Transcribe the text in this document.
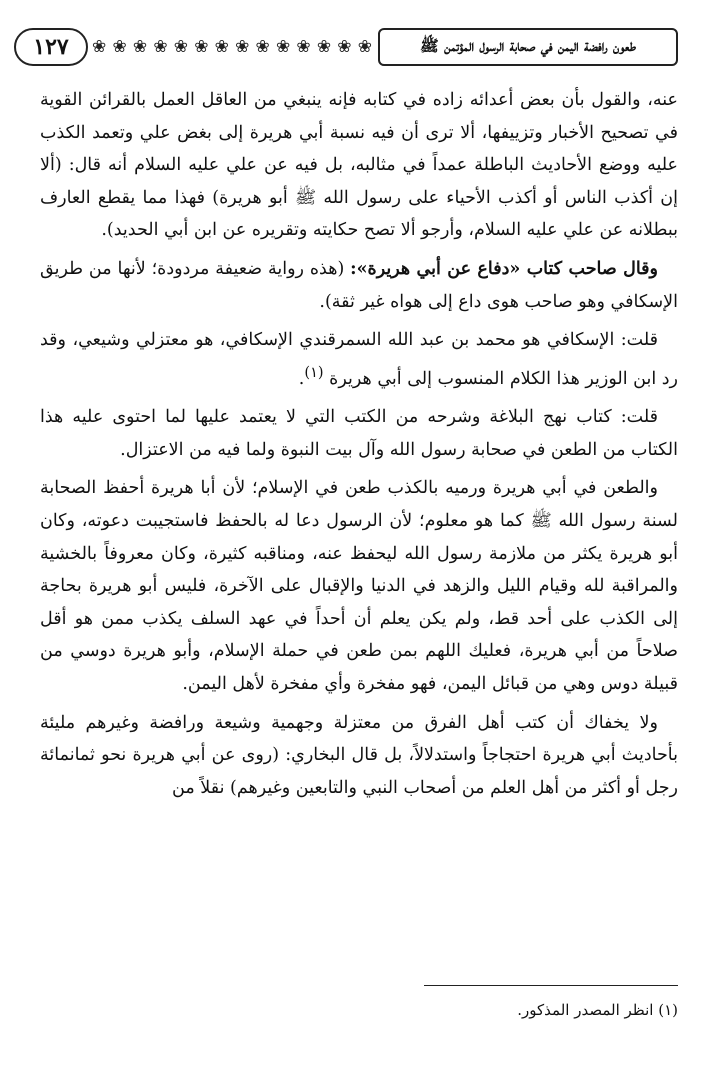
١٢٧	❀ ❀ ❀ ❀ ❀ ❀ ❀ ❀ ❀ ❀ ❀ ❀ ❀ ❀	طعون رافضة اليمن في صحابة الرسول المؤتمن ﷺ

عنه، والقول بأن بعض أعدائه زاده في كتابه فإنه ينبغي من العاقل العمل بالقرائن القوية في تصحيح الأخبار وتزييفها، ألا ترى أن فيه نسبة أبي هريرة إلى بغض علي وتعمد الكذب عليه ووضع الأحاديث الباطلة عمداً في مثالبه، بل فيه عن علي عليه السلام أنه قال: (ألا إن أكذب الناس أو أكذب الأحياء على رسول الله ﷺ أبو هريرة) فهذا مما يقطع العارف ببطلانه عن علي عليه السلام، وأرجو ألا تصح حكايته وتقريره عن ابن أبي الحديد).

وقال صاحب كتاب «دفاع عن أبي هريرة»: (هذه رواية ضعيفة مردودة؛ لأنها من طريق الإسكافي وهو صاحب هوى داع إلى هواه غير ثقة).

قلت: الإسكافي هو محمد بن عبد الله السمرقندي الإسكافي، هو معتزلي وشيعي، وقد رد ابن الوزير هذا الكلام المنسوب إلى أبي هريرة $^{(١)}$.

قلت: كتاب نهج البلاغة وشرحه من الكتب التي لا يعتمد عليها لما احتوى عليه هذا الكتاب من الطعن في صحابة رسول الله وآل بيت النبوة ولما فيه من الاعتزال.

والطعن في أبي هريرة ورميه بالكذب طعن في الإسلام؛ لأن أبا هريرة أحفظ الصحابة لسنة رسول الله ﷺ كما هو معلوم؛ لأن الرسول دعا له بالحفظ فاستجيبت دعوته، وكان أبو هريرة يكثر من ملازمة رسول الله ليحفظ عنه، ومناقبه كثيرة، وكان معروفاً بالخشية والمراقبة لله وقيام الليل والزهد في الدنيا والإقبال على الآخرة، فليس أبو هريرة بحاجة إلى الكذب على أحد قط، ولم يكن يعلم أن أحداً في عهد السلف يكذب ممن هو أقل صلاحاً من أبي هريرة، فعليك اللهم بمن طعن في حملة الإسلام، وأبو هريرة دوسي من قبيلة دوس وهي من قبائل اليمن، فهو مفخرة وأي مفخرة لأهل اليمن.

ولا يخفاك أن كتب أهل الفرق من معتزلة وجهمية وشيعة ورافضة وغيرهم مليئة بأحاديث أبي هريرة احتجاجاً واستدلالاً، بل قال البخاري: (روى عن أبي هريرة نحو ثمانمائة رجل أو أكثر من أهل العلم من أصحاب النبي والتابعين وغيرهم) نقلاً من

(١) انظر المصدر المذكور.
